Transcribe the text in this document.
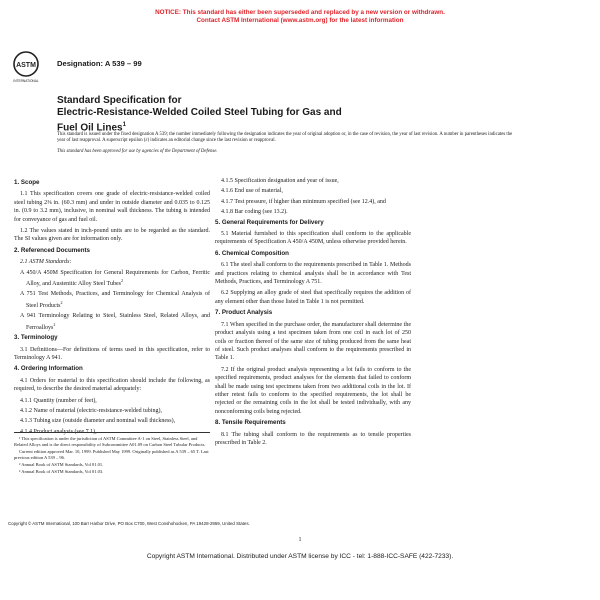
NOTICE: This standard has either been superseded and replaced by a new version or withdrawn.
Contact ASTM International (www.astm.org) for the latest information
ASTM
INTERNATIONAL
Designation: A 539 – 99
Standard Specification for
Electric-Resistance-Welded Coiled Steel Tubing for Gas and
Fuel Oil Lines$^1$

This standard is issued under the fixed designation A 539; the number immediately following the designation indicates the year of original adoption or, in the case of revision, the year of last revision. A number in parentheses indicates the year of last reapproval. A superscript epsilon (ε) indicates an editorial change since the last revision or reapproval.

This standard has been approved for use by agencies of the Department of Defense.

1. Scope

1.1 This specification covers one grade of electric-resistance-welded coiled steel tubing 2⅜ in. (60.3 mm) and under in outside diameter and 0.035 to 0.125 in. (0.9 to 3.2 mm), inclusive, in nominal wall thickness. The tubing is intended for conveyance of gas and fuel oil.

1.2 The values stated in inch-pound units are to be regarded as the standard. The SI values given are for information only.

2. Referenced Documents
2.1 ASTM Standards:
A 450/A 450M Specification for General Requirements for Carbon, Ferritic Alloy, and Austenitic Alloy Steel Tubes$^2$
A 751 Test Methods, Practices, and Terminology for Chemical Analysis of Steel Products$^2$
A 941 Terminology Relating to Steel, Stainless Steel, Related Alloys, and Ferroalloys$^2$
3. Terminology

3.1 Definitions—For definitions of terms used in this specification, refer to Terminology A 941.

4. Ordering Information

4.1 Orders for material to this specification should include the following, as required, to describe the desired material adequately:

4.1.1 Quantity (number of feet),
4.1.2 Name of material (electric-resistance-welded tubing),
4.1.3 Tubing size (outside diameter and nominal wall thickness),
4.1.4 Product analysis (see 7.1),

¹ This specification is under the jurisdiction of ASTM Committee A-1 on Steel, Stainless Steel, and Related Alloys and is the direct responsibility of Subcommittee A01.09 on Carbon Steel Tubular Products.

Current edition approved Mar. 10, 1999. Published May 1999. Originally published as A 539 – 65 T. Last previous edition A 539 – 96.

² Annual Book of ASTM Standards, Vol 01.01.

³ Annual Book of ASTM Standards, Vol 01.03.

4.1.5 Specification designation and year of issue,
4.1.6 End use of material,
4.1.7 Test pressure, if higher than minimum specified (see 12.4), and
4.1.8 Bar coding (see 13.2).
5. General Requirements for Delivery

5.1 Material furnished to this specification shall conform to the applicable requirements of Specification A 450/A 450M, unless otherwise provided herein.

6. Chemical Composition

6.1 The steel shall conform to the requirements prescribed in Table 1. Methods and practices relating to chemical analysis shall be in accordance with Test Methods, Practices, and Terminology A 751.

6.2 Supplying an alloy grade of steel that specifically requires the addition of any element other than those listed in Table 1 is not permitted.

7. Product Analysis

7.1 When specified in the purchase order, the manufacturer shall determine the product analysis using a test specimen taken from one coil in each lot of 250 coils or fraction thereof of the same size of tubing produced from the same heat of steel. Such product analyses shall conform to the requirements prescribed in Table 1.

7.2 If the original product analysis representing a lot fails to conform to the specified requirements, product analyses for the elements that failed to conform shall be made using test specimens taken from two additional coils in the lot. If either retest fails to conform to the specified requirements, the lot shall be rejected or the remaining coils in the lot shall be tested individually, with any nonconforming coils being rejected.

8. Tensile Requirements

8.1 The tubing shall conform to the requirements as to tensile properties prescribed in Table 2.

Copyright © ASTM International, 100 Barr Harbor Drive, PO Box C700, West Conshohocken, PA 19428-2959, United States.
1
Copyright ASTM International. Distributed under ASTM license by ICC - tel: 1-888-ICC-SAFE (422-7233).
